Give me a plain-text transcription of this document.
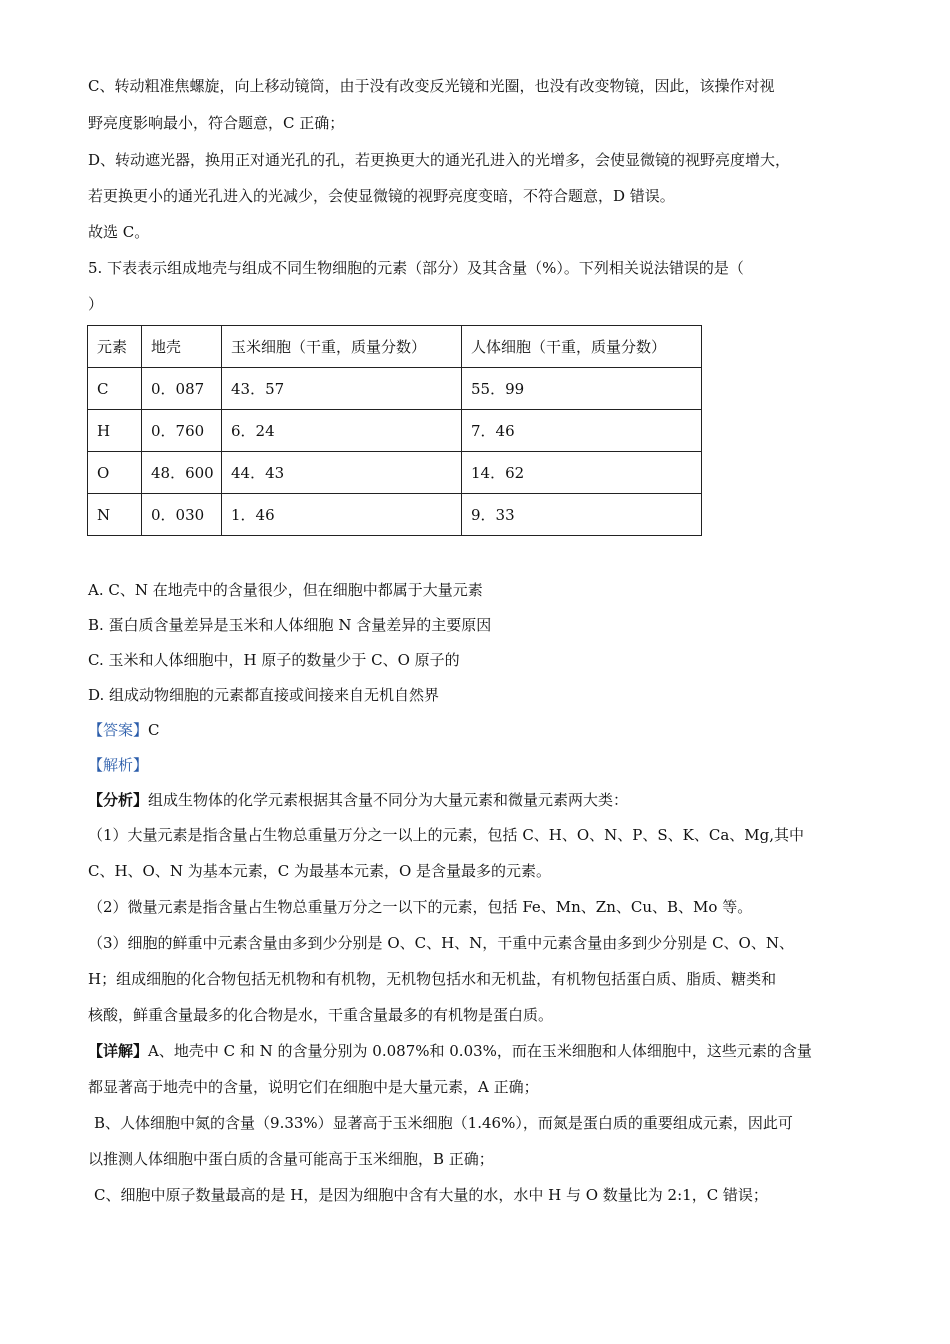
C、转动粗准焦螺旋，向上移动镜筒，由于没有改变反光镜和光圈，也没有改变物镜，因此，该操作对视
野亮度影响最小，符合题意，C 正确；
D、转动遮光器，换用正对通光孔的孔，若更换更大的通光孔进入的光增多，会使显微镜的视野亮度增大，
若更换更小的通光孔进入的光减少，会使显微镜的视野亮度变暗，不符合题意，D 错误。
故选 C。
5. 下表表示组成地壳与组成不同生物细胞的元素（部分）及其含量（%）。下列相关说法错误的是（
）
元素	地壳	玉米细胞（干重，质量分数）	人体细胞（干重，质量分数）
C	0．087	43．57	55．99
H	0．760	6．24	7．46
O	48．600	44．43	14．62
N	0．030	1．46	9．33
A. C、N 在地壳中的含量很少，但在细胞中都属于大量元素
B. 蛋白质含量差异是玉米和人体细胞 N 含量差异的主要原因
C. 玉米和人体细胞中，H 原子的数量少于 C、O 原子的
D. 组成动物细胞的元素都直接或间接来自无机自然界
【答案】C
【解析】
【分析】组成生物体的化学元素根据其含量不同分为大量元素和微量元素两大类：
（1）大量元素是指含量占生物总重量万分之一以上的元素，包括 C、H、O、N、P、S、K、Ca、Mg,其中
C、H、O、N 为基本元素，C 为最基本元素，O 是含量最多的元素。
（2）微量元素是指含量占生物总重量万分之一以下的元素，包括 Fe、Mn、Zn、Cu、B、Mo 等。
（3）细胞的鲜重中元素含量由多到少分别是 O、C、H、N，干重中元素含量由多到少分别是 C、O、N、
H；组成细胞的化合物包括无机物和有机物，无机物包括水和无机盐，有机物包括蛋白质、脂质、糖类和
核酸，鲜重含量最多的化合物是水，干重含量最多的有机物是蛋白质。
【详解】A、地壳中 C 和 N 的含量分别为 0.087%和 0.03%，而在玉米细胞和人体细胞中，这些元素的含量
都显著高于地壳中的含量，说明它们在细胞中是大量元素，A 正确；
B、人体细胞中氮的含量（9.33%）显著高于玉米细胞（1.46%），而氮是蛋白质的重要组成元素，因此可
以推测人体细胞中蛋白质的含量可能高于玉米细胞，B 正确；
C、细胞中原子数量最高的是 H，是因为细胞中含有大量的水，水中 H 与 O 数量比为 2:1，C 错误；
